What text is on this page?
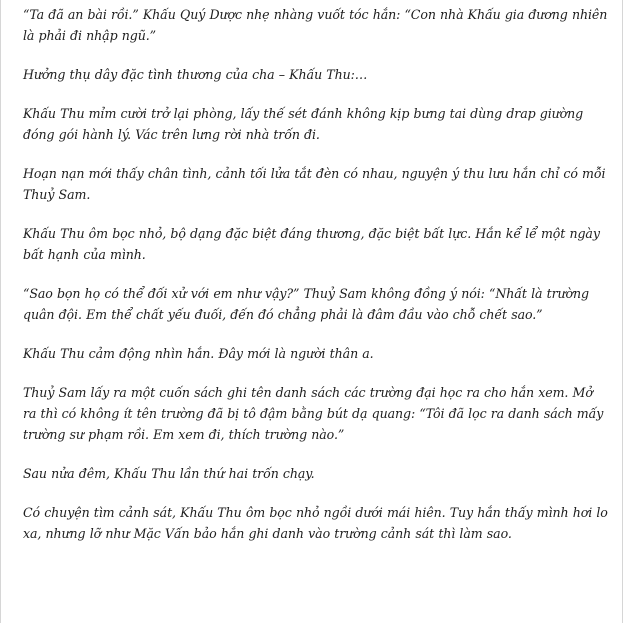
“Ta đã an bài rồi.” Khấu Quý Dược nhẹ nhàng vuốt tóc hắn: “Con nhà Khấu gia đương nhiên là phải đi nhập ngũ.”

Hưởng thụ dây đặc tình thương của cha – Khấu Thu:…

Khấu Thu mỉm cười trở lại phòng, lấy thế sét đánh không kịp bưng tai dùng drap giường đóng gói hành lý. Vác trên lưng rời nhà trốn đi.

Hoạn nạn mới thấy chân tình, cảnh tối lửa tắt đèn có nhau, nguyện ý thu lưu hắn chỉ có mỗi Thuỷ Sam.

Khấu Thu ôm bọc nhỏ, bộ dạng đặc biệt đáng thương, đặc biệt bất lực. Hắn kể lể một ngày bất hạnh của mình.

“Sao bọn họ có thể đối xử với em như vậy?” Thuỷ Sam không đồng ý nói: “Nhất là trường quân đội. Em thể chất yếu đuối, đến đó chẳng phải là đâm đầu vào chỗ chết sao.”

Khấu Thu cảm động nhìn hắn. Đây mới là người thân a.

Thuỷ Sam lấy ra một cuốn sách ghi tên danh sách các trường đại học ra cho hắn xem. Mở ra thì có không ít tên trường đã bị tô đậm bằng bút dạ quang: “Tôi đã lọc ra danh sách mấy trường sư phạm rồi. Em xem đi, thích trường nào.”

Sau nửa đêm, Khấu Thu lần thứ hai trốn chạy.

Có chuyện tìm cảnh sát, Khấu Thu ôm bọc nhỏ ngồi dưới mái hiên. Tuy hắn thấy mình hơi lo xa, nhưng lỡ như Mặc Vấn bảo hắn ghi danh vào trường cảnh sát thì làm sao.
